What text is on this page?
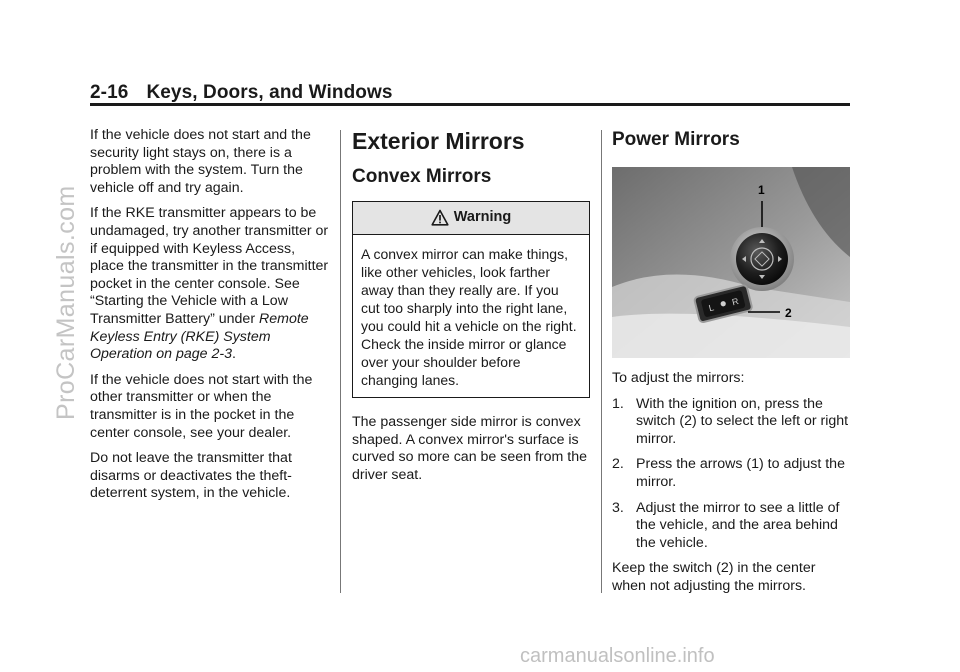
2-16 Keys, Doors, and Windows

If the vehicle does not start and the security light stays on, there is a problem with the system. Turn the vehicle off and try again.

If the RKE transmitter appears to be undamaged, try another transmitter or if equipped with Keyless Access, place the transmitter in the transmitter pocket in the center console. See “Starting the Vehicle with a Low Transmitter Battery” under Remote Keyless Entry (RKE) System Operation on page 2-3.

If the vehicle does not start with the other transmitter or when the transmitter is in the pocket in the center console, see your dealer.

Do not leave the transmitter that disarms or deactivates the theft-deterrent system, in the vehicle.

Exterior Mirrors
Convex Mirrors
Warning
A convex mirror can make things, like other vehicles, look farther away than they really are. If you cut too sharply into the right lane, you could hit a vehicle on the right. Check the inside mirror or glance over your shoulder before changing lanes.

The passenger side mirror is convex shaped. A convex mirror's surface is curved so more can be seen from the driver seat.

Power Mirrors
L
R
1
2

To adjust the mirrors:

1. With the ignition on, press the switch (2) to select the left or right mirror.
2. Press the arrows (1) to adjust the mirror.
3. Adjust the mirror to see a little of the vehicle, and the area behind the vehicle.

Keep the switch (2) in the center when not adjusting the mirrors.

ProCarManuals.com
carmanualsonline.info
